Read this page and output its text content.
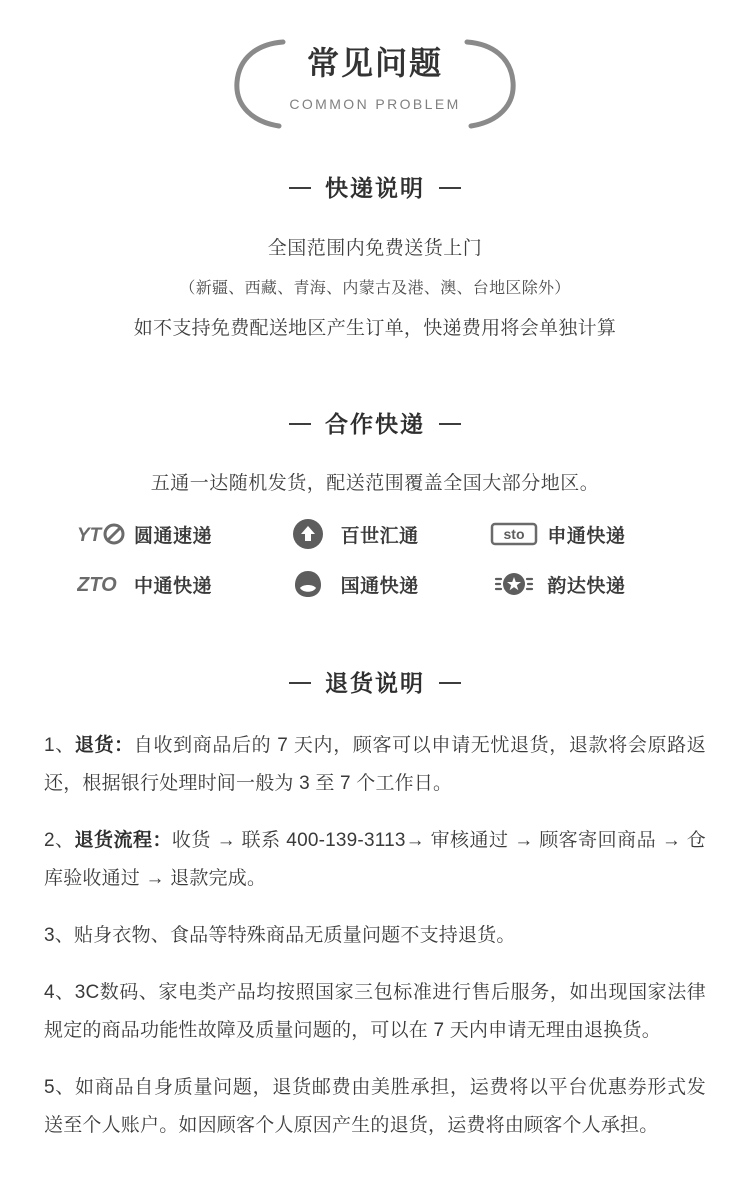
常见问题
COMMON PROBLEM
快递说明
全国范围内免费送货上门
（新疆、西藏、青海、内蒙古及港、澳、台地区除外）
如不支持免费配送地区产生订单，快递费用将会单独计算
合作快递
五通一达随机发货，配送范围覆盖全国大部分地区。
YT 圆通速递	百世汇通	sto 申通快递
ZTO 中通快递	国通快递	韵达快递
退货说明

1、退货：自收到商品后的 7 天内，顾客可以申请无忧退货，退款将会原路返还，根据银行处理时间一般为 3 至 7 个工作日。

2、退货流程：收货 → 联系 400-139-3113→ 审核通过 → 顾客寄回商品 → 仓库验收通过 → 退款完成。

3、贴身衣物、食品等特殊商品无质量问题不支持退货。

4、3C数码、家电类产品均按照国家三包标准进行售后服务，如出现国家法律规定的商品功能性故障及质量问题的，可以在 7 天内申请无理由退换货。

5、如商品自身质量问题，退货邮费由美胜承担，运费将以平台优惠券形式发送至个人账户。如因顾客个人原因产生的退货，运费将由顾客个人承担。
